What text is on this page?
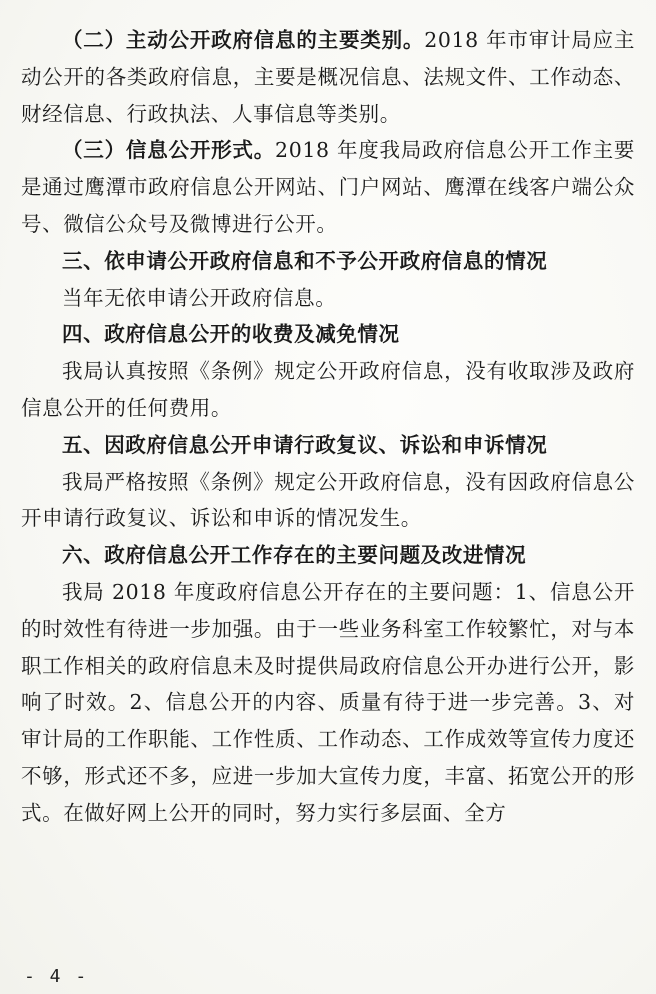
（二）主动公开政府信息的主要类别。2018 年市审计局应主动公开的各类政府信息，主要是概况信息、法规文件、工作动态、财经信息、行政执法、人事信息等类别。

（三）信息公开形式。2018 年度我局政府信息公开工作主要是通过鹰潭市政府信息公开网站、门户网站、鹰潭在线客户端公众号、微信公众号及微博进行公开。

三、依申请公开政府信息和不予公开政府信息的情况

当年无依申请公开政府信息。

四、政府信息公开的收费及减免情况

我局认真按照《条例》规定公开政府信息，没有收取涉及政府信息公开的任何费用。

五、因政府信息公开申请行政复议、诉讼和申诉情况

我局严格按照《条例》规定公开政府信息，没有因政府信息公开申请行政复议、诉讼和申诉的情况发生。

六、政府信息公开工作存在的主要问题及改进情况

我局 2018 年度政府信息公开存在的主要问题：1、信息公开的时效性有待进一步加强。由于一些业务科室工作较繁忙，对与本职工作相关的政府信息未及时提供局政府信息公开办进行公开，影响了时效。2、信息公开的内容、质量有待于进一步完善。3、对审计局的工作职能、工作性质、工作动态、工作成效等宣传力度还不够，形式还不多，应进一步加大宣传力度，丰富、拓宽公开的形式。在做好网上公开的同时，努力实行多层面、全方

- 4 -
